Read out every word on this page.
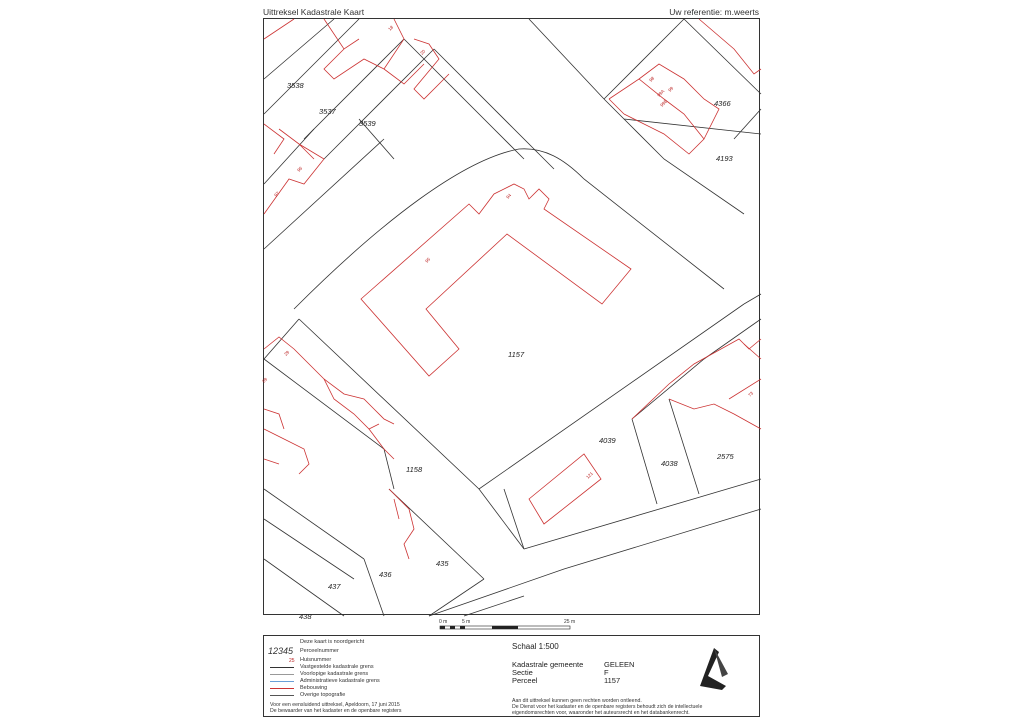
Uittreksel Kadastrale Kaart	Uw referentie: m.weerts
3538
3537
3539
4366
4193
1157
4039
4038
2575
1158
435
436
437
438
18
20
96
97
98
99
99A
99B
94
95
29
73
69
121
0 m	5 m	25 m
12345
25
Deze kaart is noordgericht
Perceelnummer
Huisnummer
Vastgestelde kadastrale grens
Voorlopige kadastrale grens
Administratieve kadastrale grens
Bebouwing
Overige topografie
Voor een eensluidend uittreksel, Apeldoorn, 17 juni 2015
De bewaarder van het kadaster en de openbare registers
Schaal 1:500
Kadastrale gemeente	GELEEN
Sectie	F
Perceel	1157
Aan dit uittreksel kunnen geen rechten worden ontleend.
De Dienst voor het kadaster en de openbare registers behoudt zich de intellectuele
eigendomsrechten voor, waaronder het auteursrecht en het databankenrecht.
